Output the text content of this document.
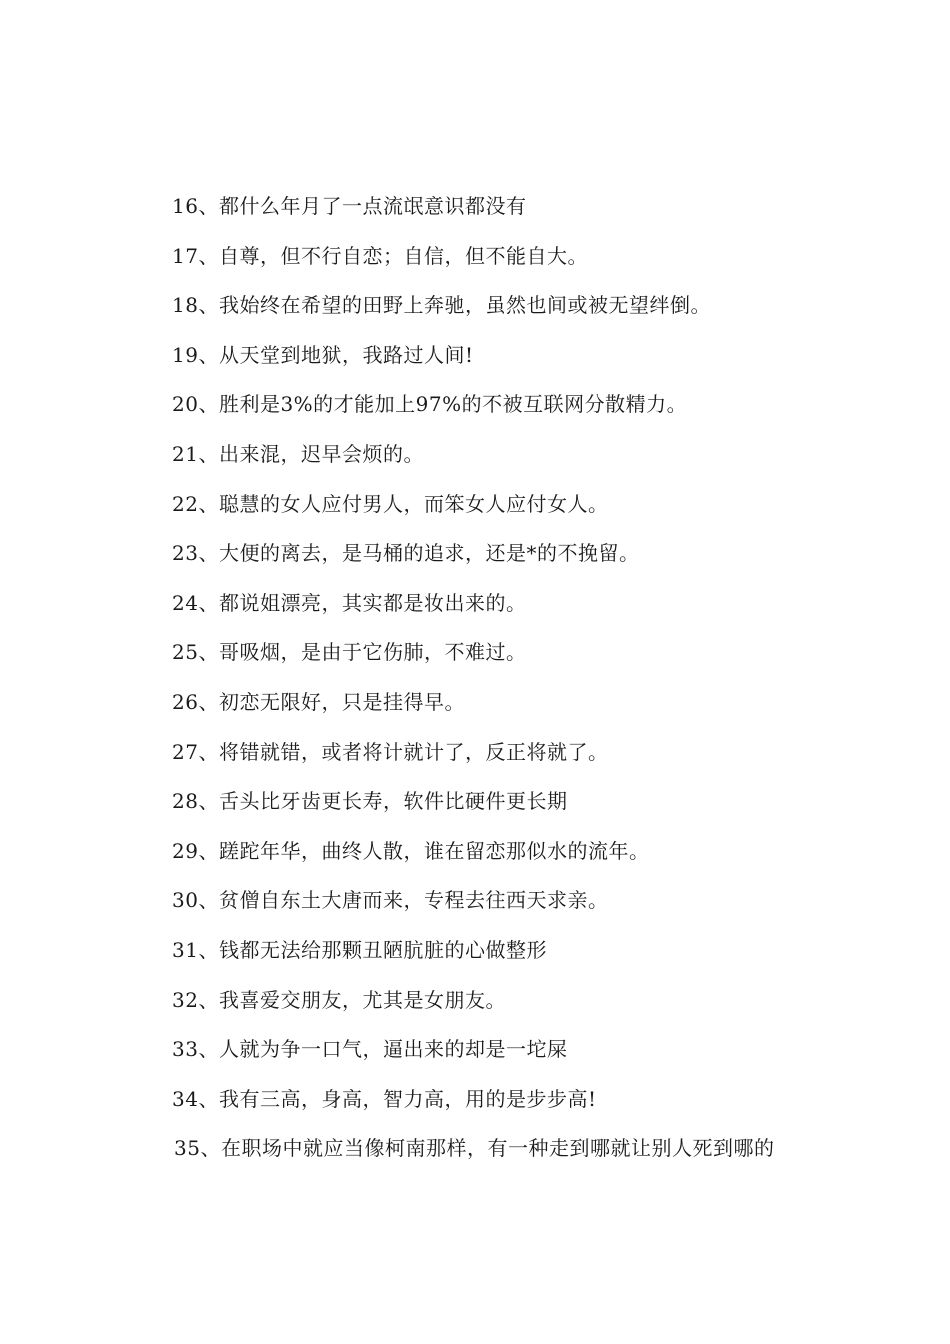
16、都什么年月了一点流氓意识都没有
17、自尊，但不行自恋；自信，但不能自大。
18、我始终在希望的田野上奔驰，虽然也间或被无望绊倒。
19、从天堂到地狱，我路过人间!
20、胜利是3%的才能加上97%的不被互联网分散精力。
21、出来混，迟早会烦的。
22、聪慧的女人应付男人，而笨女人应付女人。
23、大便的离去，是马桶的追求，还是*的不挽留。
24、都说姐漂亮，其实都是妆出来的。
25、哥吸烟，是由于它伤肺，不难过。
26、初恋无限好，只是挂得早。
27、将错就错，或者将计就计了，反正将就了。
28、舌头比牙齿更长寿，软件比硬件更长期
29、蹉跎年华，曲终人散，谁在留恋那似水的流年。
30、贫僧自东土大唐而来，专程去往西天求亲。
31、钱都无法给那颗丑陋肮脏的心做整形
32、我喜爱交朋友，尤其是女朋友。
33、人就为争一口气，逼出来的却是一坨屎
34、我有三高，身高，智力高，用的是步步高!
35、在职场中就应当像柯南那样，有一种走到哪就让别人死到哪的
